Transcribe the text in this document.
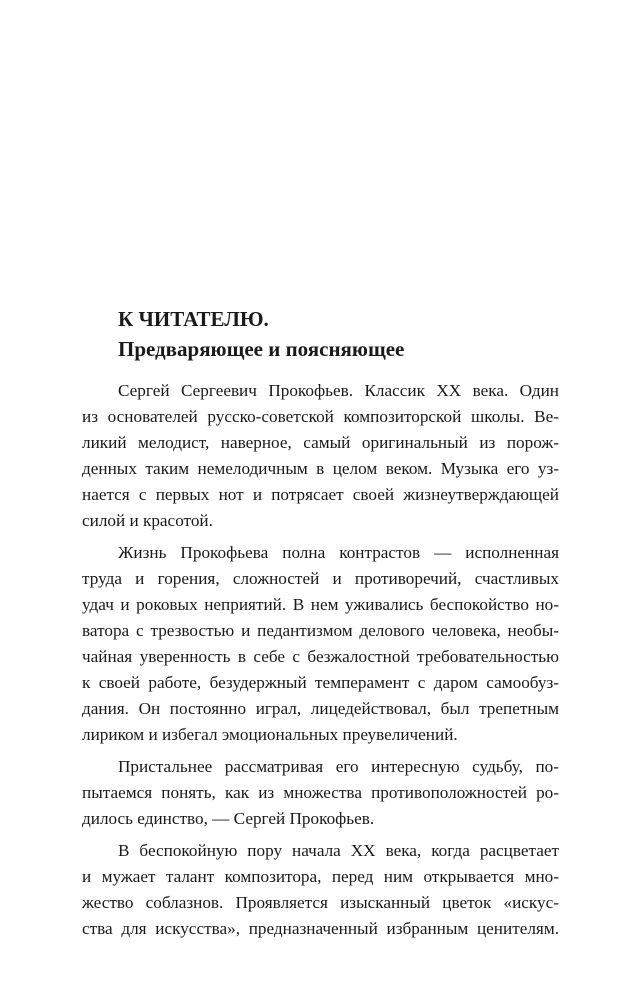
К ЧИТАТЕЛЮ.
Предваряющее и поясняющее
Сергей Сергеевич Прокофьев. Классик XX века. Один
из основателей русско-советской композиторской школы. Ве-
ликий мелодист, наверное, самый оригинальный из порож-
денных таким немелодичным в целом веком. Музыка его уз-
нается с первых нот и потрясает своей жизнеутверждающей
силой и красотой.
Жизнь Прокофьева полна контрастов — исполненная
труда и горения, сложностей и противоречий, счастливых
удач и роковых неприятий. В нем уживались беспокойство но-
ватора с трезвостью и педантизмом делового человека, необы-
чайная уверенность в себе с безжалостной требовательностью
к своей работе, безудержный темперамент с даром самообуз-
дания. Он постоянно играл, лицедействовал, был трепетным
лириком и избегал эмоциональных преувеличений.
Пристальнее рассматривая его интересную судьбу, по-
пытаемся понять, как из множества противоположностей ро-
дилось единство, — Сергей Прокофьев.
В беспокойную пору начала XX века, когда расцветает
и мужает талант композитора, перед ним открывается мно-
жество соблазнов. Проявляется изысканный цветок «искус-
ства для искусства», предназначенный избранным ценителям.
